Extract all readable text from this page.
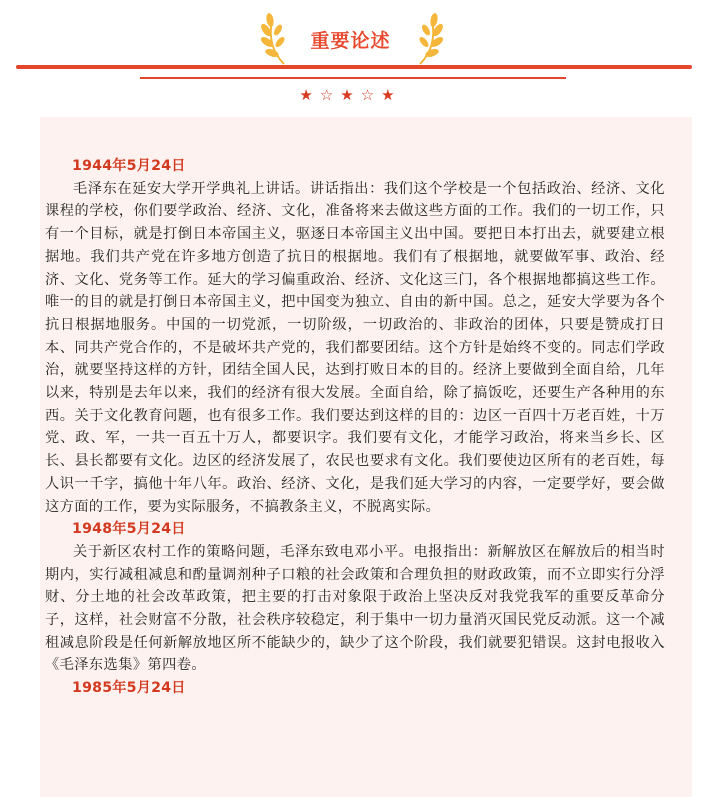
重要论述
★☆★☆★
1944年5月24日

毛泽东在延安大学开学典礼上讲话。讲话指出：我们这个学校是一个包括政治、经济、文化课程的学校，你们要学政治、经济、文化，准备将来去做这些方面的工作。我们的一切工作，只有一个目标，就是打倒日本帝国主义，驱逐日本帝国主义出中国。要把日本打出去，就要建立根据地。我们共产党在许多地方创造了抗日的根据地。我们有了根据地，就要做军事、政治、经济、文化、党务等工作。延大的学习偏重政治、经济、文化这三门，各个根据地都搞这些工作。唯一的目的就是打倒日本帝国主义，把中国变为独立、自由的新中国。总之，延安大学要为各个抗日根据地服务。中国的一切党派，一切阶级，一切政治的、非政治的团体，只要是赞成打日本、同共产党合作的，不是破坏共产党的，我们都要团结。这个方针是始终不变的。同志们学政治，就要坚持这样的方针，团结全国人民，达到打败日本的目的。经济上要做到全面自给，几年以来，特别是去年以来，我们的经济有很大发展。全面自给，除了搞饭吃，还要生产各种用的东西。关于文化教育问题，也有很多工作。我们要达到这样的目的：边区一百四十万老百姓，十万党、政、军，一共一百五十万人，都要识字。我们要有文化，才能学习政治，将来当乡长、区长、县长都要有文化。边区的经济发展了，农民也要求有文化。我们要使边区所有的老百姓，每人识一千字，搞他十年八年。政治、经济、文化，是我们延大学习的内容，一定要学好，要会做这方面的工作，要为实际服务，不搞教条主义，不脱离实际。

1948年5月24日

关于新区农村工作的策略问题，毛泽东致电邓小平。电报指出：新解放区在解放后的相当时期内，实行减租减息和酌量调剂种子口粮的社会政策和合理负担的财政政策，而不立即实行分浮财、分土地的社会改革政策，把主要的打击对象限于政治上坚决反对我党我军的重要反革命分子，这样，社会财富不分散，社会秩序较稳定，利于集中一切力量消灭国民党反动派。这一个减租减息阶段是任何新解放地区所不能缺少的，缺少了这个阶段，我们就要犯错误。这封电报收入《毛泽东选集》第四卷。

1985年5月24日
